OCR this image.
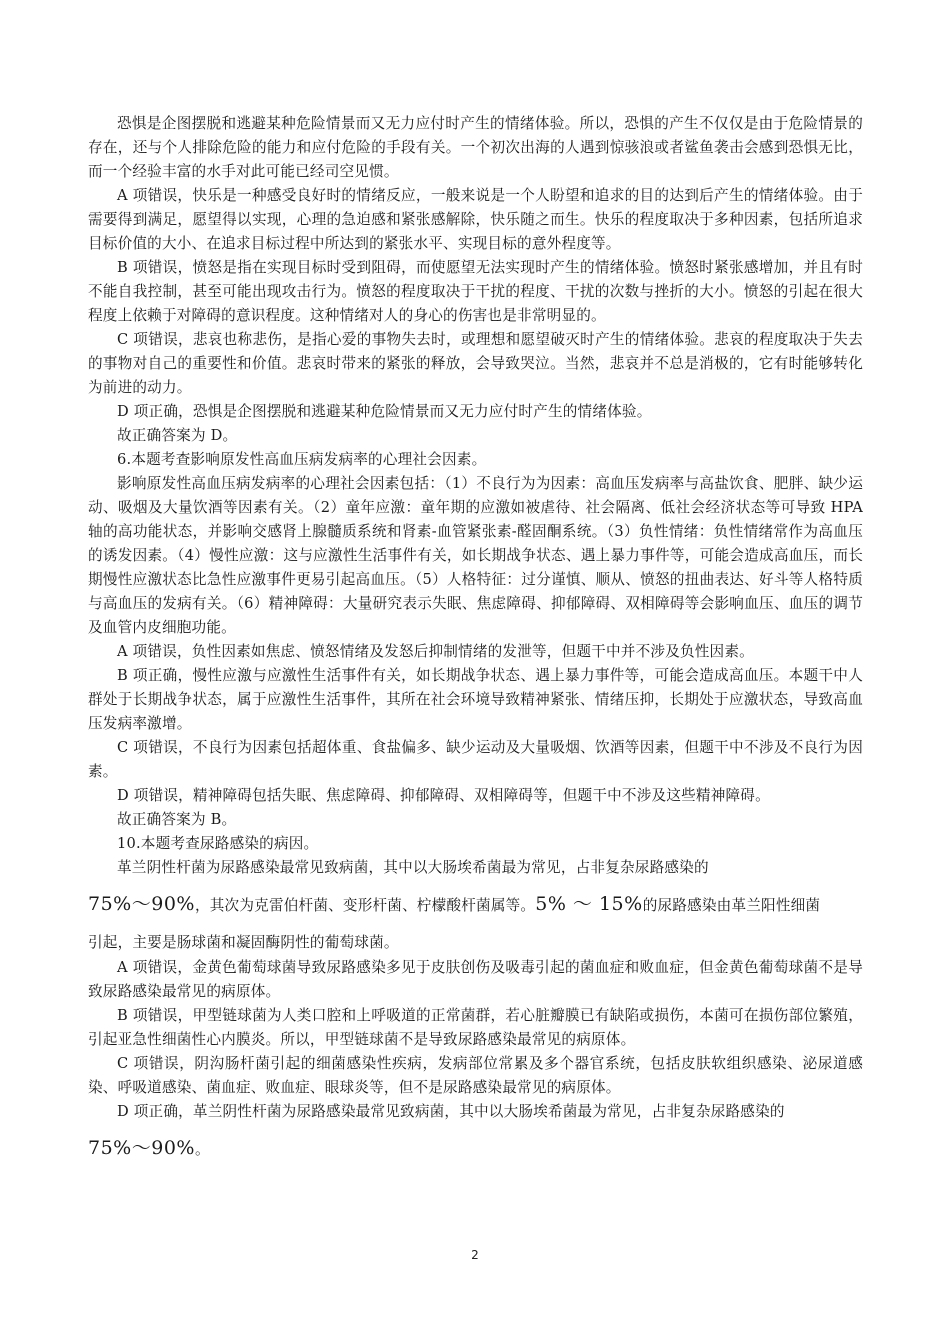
恐惧是企图摆脱和逃避某种危险情景而又无力应付时产生的情绪体验。所以，恐惧的产生不仅仅是由于危险情景的存在，还与个人排除危险的能力和应付危险的手段有关。一个初次出海的人遇到惊骇浪或者鲨鱼袭击会感到恐惧无比，而一个经验丰富的水手对此可能已经司空见惯。

A 项错误，快乐是一种感受良好时的情绪反应，一般来说是一个人盼望和追求的目的达到后产生的情绪体验。由于需要得到满足，愿望得以实现，心理的急迫感和紧张感解除，快乐随之而生。快乐的程度取决于多种因素，包括所追求目标价值的大小、在追求目标过程中所达到的紧张水平、实现目标的意外程度等。

B 项错误，愤怒是指在实现目标时受到阻碍，而使愿望无法实现时产生的情绪体验。愤怒时紧张感增加，并且有时不能自我控制，甚至可能出现攻击行为。愤怒的程度取决于干扰的程度、干扰的次数与挫折的大小。愤怒的引起在很大程度上依赖于对障碍的意识程度。这种情绪对人的身心的伤害也是非常明显的。

C 项错误，悲哀也称悲伤，是指心爱的事物失去时，或理想和愿望破灭时产生的情绪体验。悲哀的程度取决于失去的事物对自己的重要性和价值。悲哀时带来的紧张的释放，会导致哭泣。当然，悲哀并不总是消极的，它有时能够转化为前进的动力。

D 项正确，恐惧是企图摆脱和逃避某种危险情景而又无力应付时产生的情绪体验。

故正确答案为 D。

6.本题考查影响原发性高血压病发病率的心理社会因素。

影响原发性高血压病发病率的心理社会因素包括：（1）不良行为为因素：高血压发病率与高盐饮食、肥胖、缺少运动、吸烟及大量饮酒等因素有关。（2）童年应激：童年期的应激如被虐待、社会隔离、低社会经济状态等可导致 HPA 轴的高功能状态，并影响交感肾上腺髓质系统和肾素-血管紧张素-醛固酮系统。（3）负性情绪：负性情绪常作为高血压的诱发因素。（4）慢性应激：这与应激性生活事件有关，如长期战争状态、遇上暴力事件等，可能会造成高血压，而长期慢性应激状态比急性应激事件更易引起高血压。（5）人格特征：过分谨慎、顺从、愤怒的扭曲表达、好斗等人格特质与高血压的发病有关。（6）精神障碍：大量研究表示失眠、焦虑障碍、抑郁障碍、双相障碍等会影响血压、血压的调节及血管内皮细胞功能。

A 项错误，负性因素如焦虑、愤怒情绪及发怒后抑制情绪的发泄等，但题干中并不涉及负性因素。

B 项正确，慢性应激与应激性生活事件有关，如长期战争状态、遇上暴力事件等，可能会造成高血压。本题干中人群处于长期战争状态，属于应激性生活事件，其所在社会环境导致精神紧张、情绪压抑，长期处于应激状态，导致高血压发病率激增。

C 项错误，不良行为因素包括超体重、食盐偏多、缺少运动及大量吸烟、饮酒等因素，但题干中不涉及不良行为因素。

D 项错误，精神障碍包括失眠、焦虑障碍、抑郁障碍、双相障碍等，但题干中不涉及这些精神障碍。

故正确答案为 B。

10.本题考查尿路感染的病因。

革兰阴性杆菌为尿路感染最常见致病菌，其中以大肠埃希菌最为常见，占非复杂尿路感染的
75%～90%，其次为克雷伯杆菌、变形杆菌、柠檬酸杆菌属等。5% ～ 15%的尿路感染由革兰阳性细菌
引起，主要是肠球菌和凝固酶阴性的葡萄球菌。

A 项错误，金黄色葡萄球菌导致尿路感染多见于皮肤创伤及吸毒引起的菌血症和败血症，但金黄色葡萄球菌不是导致尿路感染最常见的病原体。

B 项错误，甲型链球菌为人类口腔和上呼吸道的正常菌群，若心脏瓣膜已有缺陷或损伤，本菌可在损伤部位繁殖，引起亚急性细菌性心内膜炎。所以，甲型链球菌不是导致尿路感染最常见的病原体。

C 项错误，阴沟肠杆菌引起的细菌感染性疾病，发病部位常累及多个器官系统，包括皮肤软组织感染、泌尿道感染、呼吸道感染、菌血症、败血症、眼球炎等，但不是尿路感染最常见的病原体。

D 项正确，革兰阴性杆菌为尿路感染最常见致病菌，其中以大肠埃希菌最为常见，占非复杂尿路感染的
75%～90%。

2
